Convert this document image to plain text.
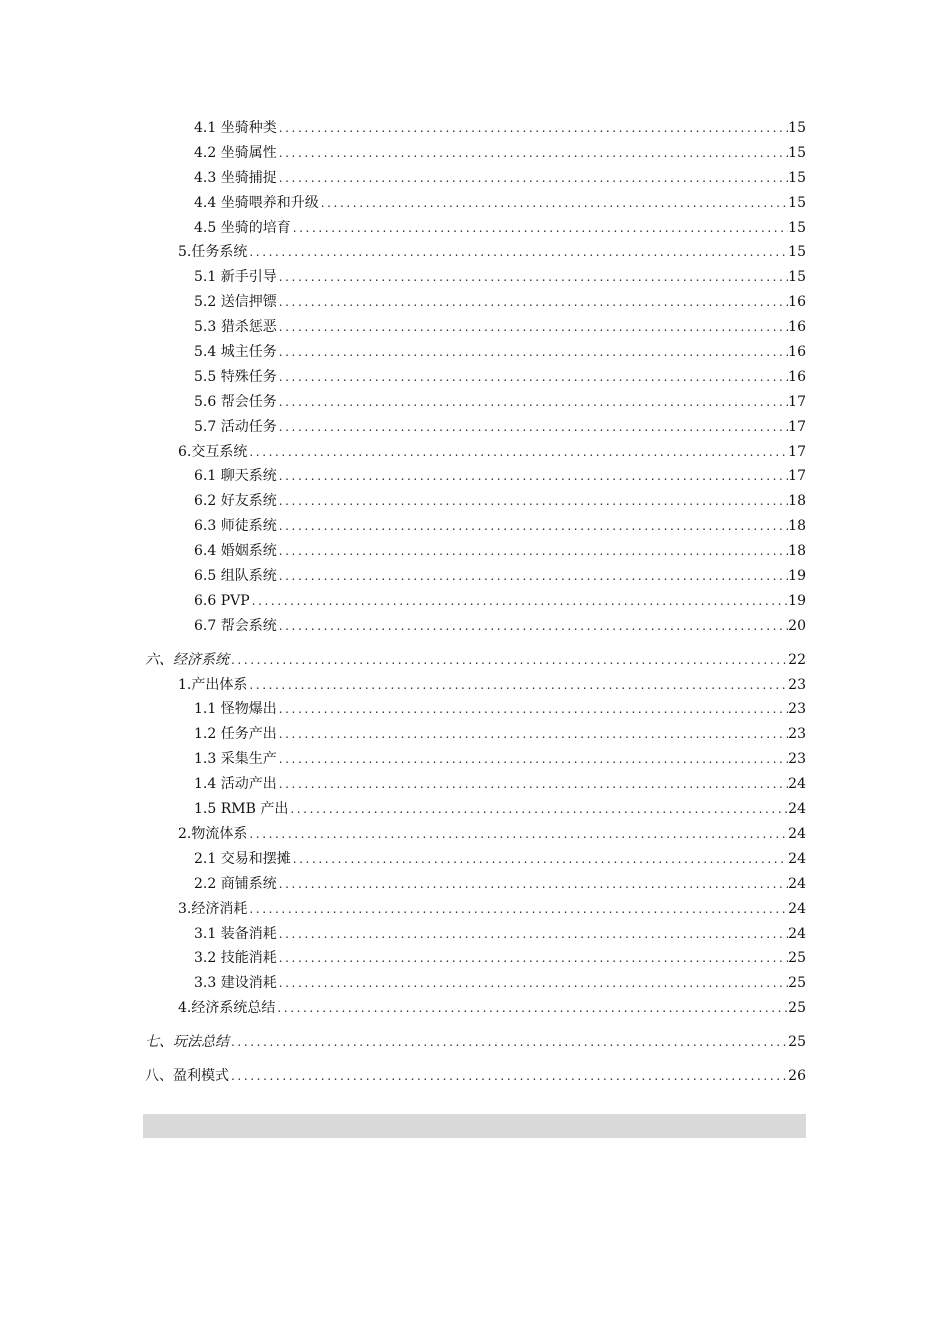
4.1 坐骑种类 .....	15
4.2 坐骑属性 .....	15
4.3 坐骑捕捉 .....	15
4.4 坐骑喂养和升级 .....	15
4.5 坐骑的培育 .....	15
5.任务系统 .....	15
5.1 新手引导 .....	15
5.2 送信押镖 .....	16
5.3 猎杀惩恶 .....	16
5.4 城主任务 .....	16
5.5 特殊任务 .....	16
5.6 帮会任务 .....	17
5.7 活动任务 .....	17
6.交互系统 .....	17
6.1 聊天系统 .....	17
6.2 好友系统 .....	18
6.3 师徒系统 .....	18
6.4 婚姻系统 .....	18
6.5 组队系统 .....	19
6.6 PVP .....	19
6.7 帮会系统 .....	20
六、经济系统 .....	22
1.产出体系 .....	23
1.1 怪物爆出 .....	23
1.2 任务产出 .....	23
1.3 采集生产 .....	23
1.4 活动产出 .....	24
1.5 RMB 产出 .....	24
2.物流体系 .....	24
2.1 交易和摆摊 .....	24
2.2 商铺系统 .....	24
3.经济消耗 .....	24
3.1 装备消耗 .....	24
3.2 技能消耗 .....	25
3.3 建设消耗 .....	25
4.经济系统总结 .....	25
七、玩法总结 .....	25
八、盈利模式 .....	26
